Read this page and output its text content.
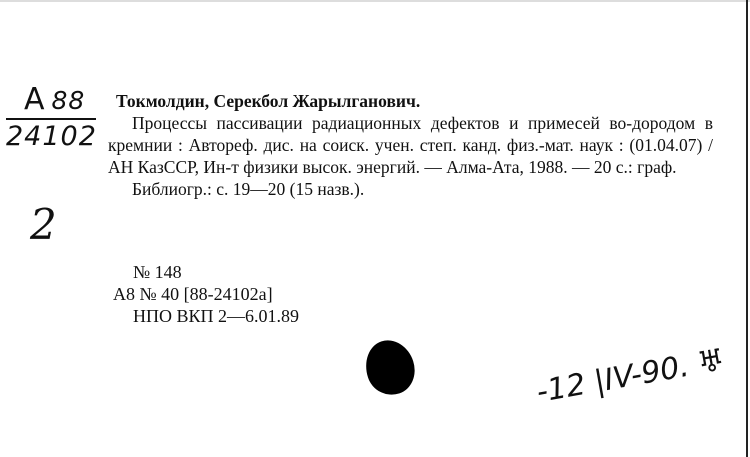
A 88
24102
2
Токмолдин, Серекбол Жарылганович.
Процессы пассивации радиационных дефектов и примесей во-дородом в кремнии : Автореф. дис. на соиск. учен. степ. канд. физ.-мат. наук : (01.04.07) / АН КазССР, Ин-т физики высок. энергий. — Алма-Ата, 1988. — 20 с.: граф.
Библиогр.: с. 19—20 (15 назв.).
№ 148
А8 № 40 [88-24102а]
НПО ВКП 2—6.01.89
-12 |IV-90. ♅
